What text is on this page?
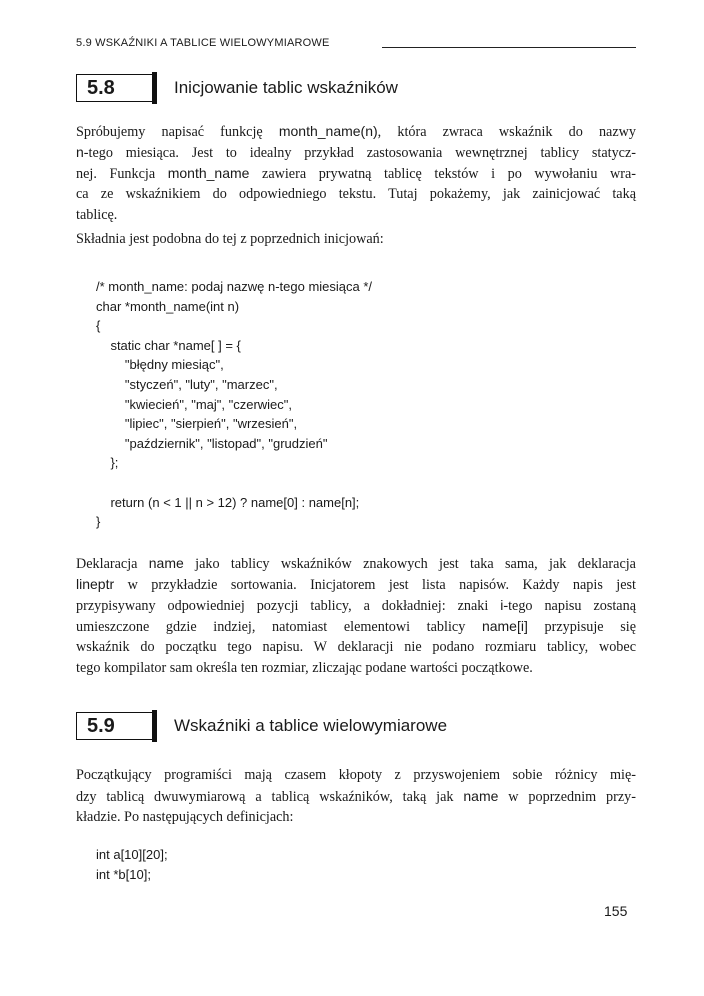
5.9 WSKAŹNIKI A TABLICE WIELOWYMIAROWE
5.8	Inicjowanie tablic wskaźników
Spróbujemy napisać funkcję month_name(n), która zwraca wskaźnik do nazwy
n-tego miesiąca. Jest to idealny przykład zastosowania wewnętrznej tablicy statycz-
nej. Funkcja month_name zawiera prywatną tablicę tekstów i po wywołaniu wra-
ca ze wskaźnikiem do odpowiedniego tekstu. Tutaj pokażemy, jak zainicjować taką
tablicę.
Składnia jest podobna do tej z poprzednich inicjowań:
/* month_name: podaj nazwę n-tego miesiąca */
char *month_name(int n)
{
static char *name[ ] = {
"błędny miesiąc",
"styczeń", "luty", "marzec",
"kwiecień", "maj", "czerwiec",
"lipiec", "sierpień", "wrzesień",
"październik", "listopad", "grudzień"
};
return (n < 1 || n > 12) ? name[0] : name[n];
}
Deklaracja name jako tablicy wskaźników znakowych jest taka sama, jak deklaracja
lineptr w przykładzie sortowania. Inicjatorem jest lista napisów. Każdy napis jest
przypisywany odpowiedniej pozycji tablicy, a dokładniej: znaki i-tego napisu zostaną
umieszczone gdzie indziej, natomiast elementowi tablicy name[i] przypisuje się
wskaźnik do początku tego napisu. W deklaracji nie podano rozmiaru tablicy, wobec
tego kompilator sam określa ten rozmiar, zliczając podane wartości początkowe.
5.9	Wskaźniki a tablice wielowymiarowe
Początkujący programiści mają czasem kłopoty z przyswojeniem sobie różnicy mię-
dzy tablicą dwuwymiarową a tablicą wskaźników, taką jak name w poprzednim przy-
kładzie. Po następujących definicjach:
int a[10][20];
int *b[10];
155
